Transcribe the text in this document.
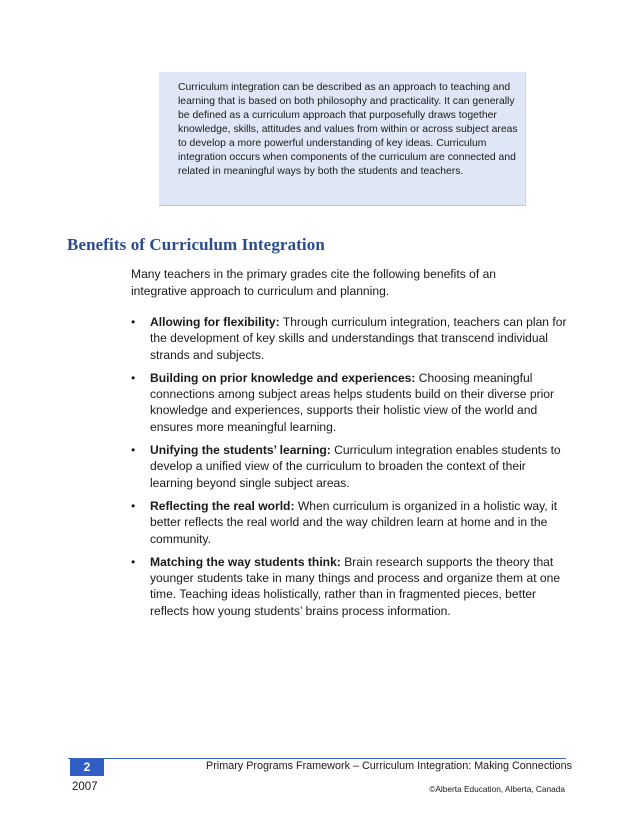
Curriculum integration can be described as an approach to teaching and learning that is based on both philosophy and practicality. It can generally be defined as a curriculum approach that purposefully draws together knowledge, skills, attitudes and values from within or across subject areas to develop a more powerful understanding of key ideas. Curriculum integration occurs when components of the curriculum are connected and related in meaningful ways by both the students and teachers.

Benefits of Curriculum Integration

Many teachers in the primary grades cite the following benefits of an integrative approach to curriculum and planning.

• Allowing for flexibility: Through curriculum integration, teachers can plan for the development of key skills and understandings that transcend individual strands and subjects.
• Building on prior knowledge and experiences: Choosing meaningful connections among subject areas helps students build on their diverse prior knowledge and experiences, supports their holistic view of the world and ensures more meaningful learning.
• Unifying the students’ learning: Curriculum integration enables students to develop a unified view of the curriculum to broaden the context of their learning beyond single subject areas.
• Reflecting the real world: When curriculum is organized in a holistic way, it better reflects the real world and the way children learn at home and in the community.
• Matching the way students think: Brain research supports the theory that younger students take in many things and process and organize them at one time. Teaching ideas holistically, rather than in fragmented pieces, better reflects how young students’ brains process information.
2	Primary Programs Framework – Curriculum Integration: Making Connections

2007	©Alberta Education, Alberta, Canada
